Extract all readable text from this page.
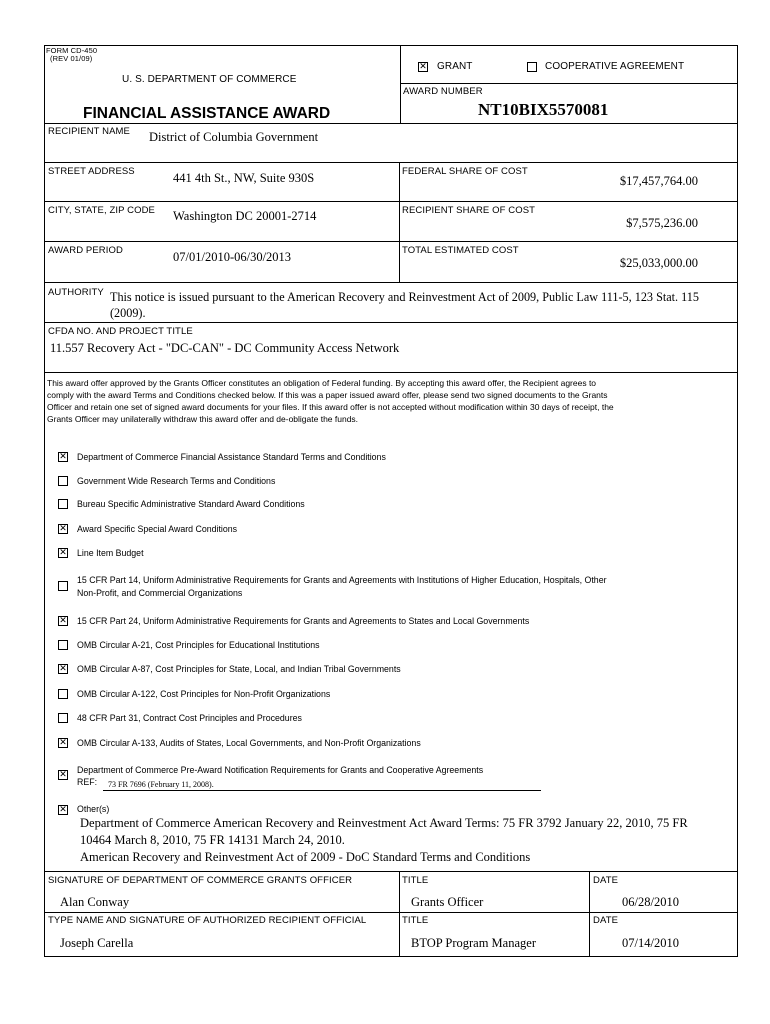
FORM CD-450
(REV 01/09)
U. S. DEPARTMENT OF COMMERCE
FINANCIAL ASSISTANCE AWARD
✕ GRANT	COOPERATIVE AGREEMENT
AWARD NUMBER
NT10BIX5570081
RECIPIENT NAME District of Columbia Government
STREET ADDRESS	441 4th St., NW, Suite 930S	FEDERAL SHARE OF COST
$17,457,764.00
CITY, STATE, ZIP CODE Washington DC 20001-2714	RECIPIENT SHARE OF COST
$7,575,236.00
AWARD PERIOD	07/01/2010-06/30/2013	TOTAL ESTIMATED COST
$25,033,000.00
AUTHORITY This notice is issued pursuant to the American Recovery and Reinvestment Act of 2009, Public Law 111-5, 123 Stat. 115
(2009).
CFDA NO. AND PROJECT TITLE
11.557 Recovery Act - "DC-CAN" - DC Community Access Network
This award offer approved by the Grants Officer constitutes an obligation of Federal funding. By accepting this award offer, the Recipient agrees to
comply with the award Terms and Conditions checked below. If this was a paper issued award offer, please send two signed documents to the Grants
Officer and retain one set of signed award documents for your files. If this award offer is not accepted without modification within 30 days of receipt, the
Grants Officer may unilaterally withdraw this award offer and de-obligate the funds.
✕ Department of Commerce Financial Assistance Standard Terms and Conditions
Government Wide Research Terms and Conditions
Bureau Specific Administrative Standard Award Conditions
✕ Award Specific Special Award Conditions
✕ Line Item Budget
15 CFR Part 14, Uniform Administrative Requirements for Grants and Agreements with Institutions of Higher Education, Hospitals, Other
Non-Profit, and Commercial Organizations
✕ 15 CFR Part 24, Uniform Administrative Requirements for Grants and Agreements to States and Local Governments
OMB Circular A-21, Cost Principles for Educational Institutions
✕ OMB Circular A-87, Cost Principles for State, Local, and Indian Tribal Governments
OMB Circular A-122, Cost Principles for Non-Profit Organizations
48 CFR Part 31, Contract Cost Principles and Procedures
✕ OMB Circular A-133, Audits of States, Local Governments, and Non-Profit Organizations
✕ Department of Commerce Pre-Award Notification Requirements for Grants and Cooperative Agreements
REF: 73 FR 7696 (February 11, 2008).
✕ Other(s)
Department of Commerce American Recovery and Reinvestment Act Award Terms: 75 FR 3792 January 22, 2010, 75 FR
10464 March 8, 2010, 75 FR 14131 March 24, 2010.
American Recovery and Reinvestment Act of 2009 - DoC Standard Terms and Conditions
SIGNATURE OF DEPARTMENT OF COMMERCE GRANTS OFFICER	TITLE	DATE
Alan Conway	Grants Officer	06/28/2010
TYPE NAME AND SIGNATURE OF AUTHORIZED RECIPIENT OFFICIAL	TITLE	DATE
Joseph Carella	BTOP Program Manager	07/14/2010
